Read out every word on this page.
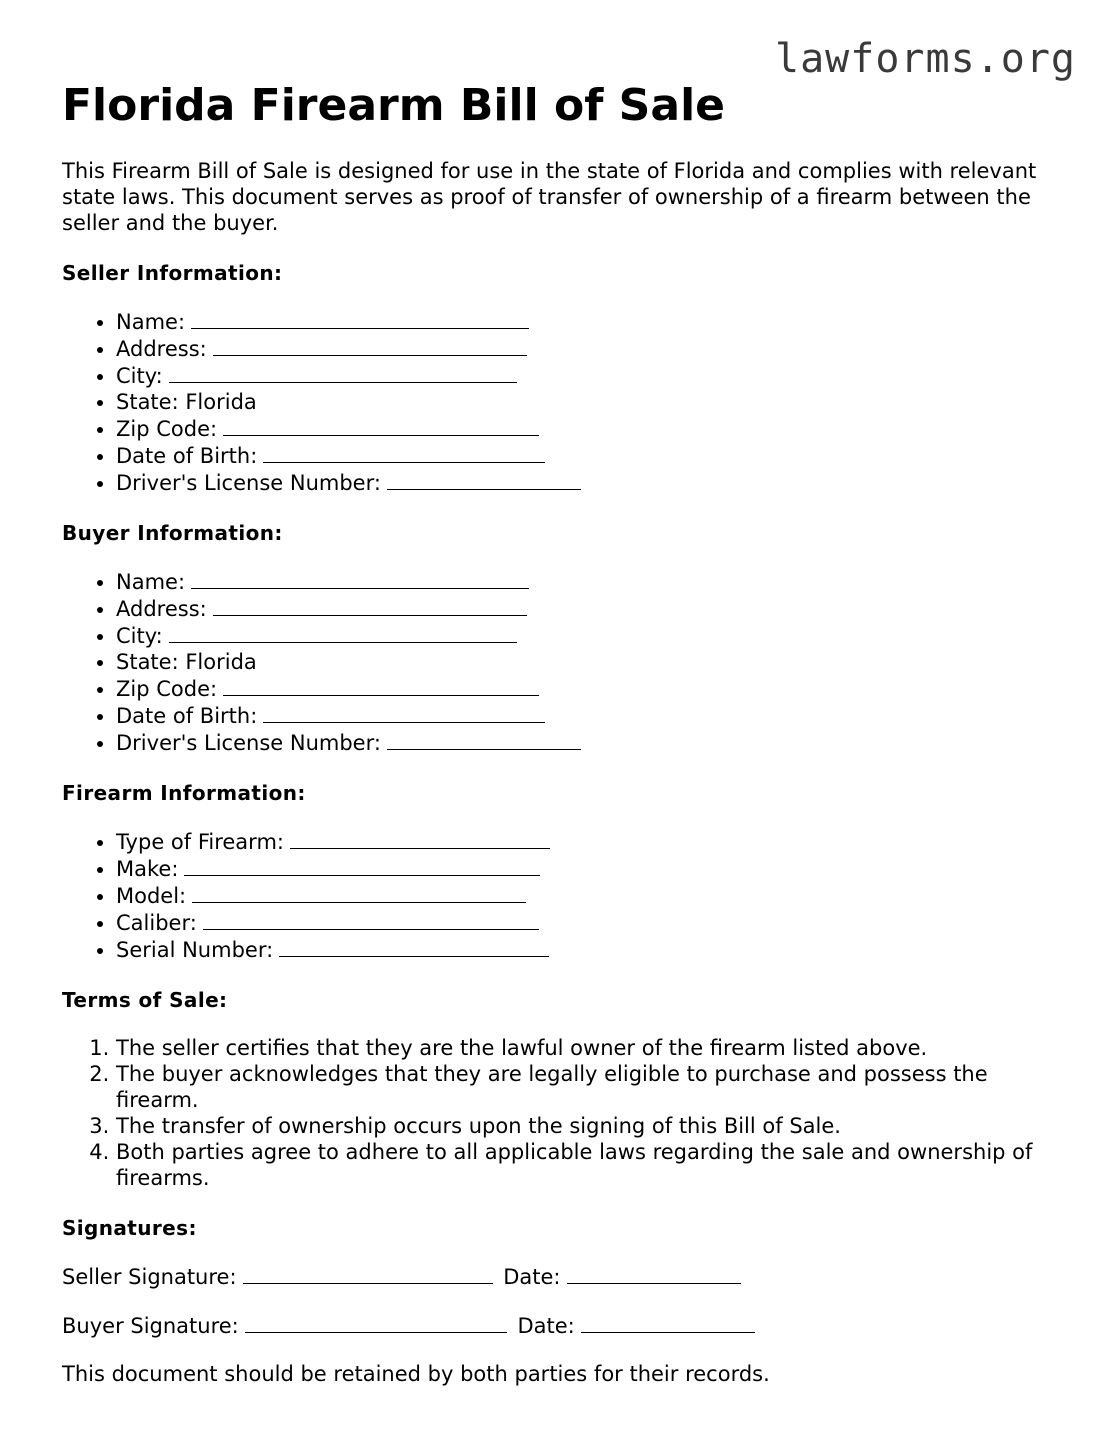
lawforms.org
Florida Firearm Bill of Sale

This Firearm Bill of Sale is designed for use in the state of Florida and complies with relevant state laws. This document serves as proof of transfer of ownership of a firearm between the seller and the buyer.

Seller Information:
• Name:
• Address:
• City:
• State: Florida
• Zip Code:
• Date of Birth:
• Driver's License Number:
Buyer Information:
• Name:
• Address:
• City:
• State: Florida
• Zip Code:
• Date of Birth:
• Driver's License Number:
Firearm Information:
• Type of Firearm:
• Make:
• Model:
• Caliber:
• Serial Number:
Terms of Sale:
1. The seller certifies that they are the lawful owner of the firearm listed above.
2. The buyer acknowledges that they are legally eligible to purchase and possess the firearm.
3. The transfer of ownership occurs upon the signing of this Bill of Sale.
4. Both parties agree to adhere to all applicable laws regarding the sale and ownership of firearms.
Signatures:

Seller Signature:	Date:

Buyer Signature:	Date:

This document should be retained by both parties for their records.
